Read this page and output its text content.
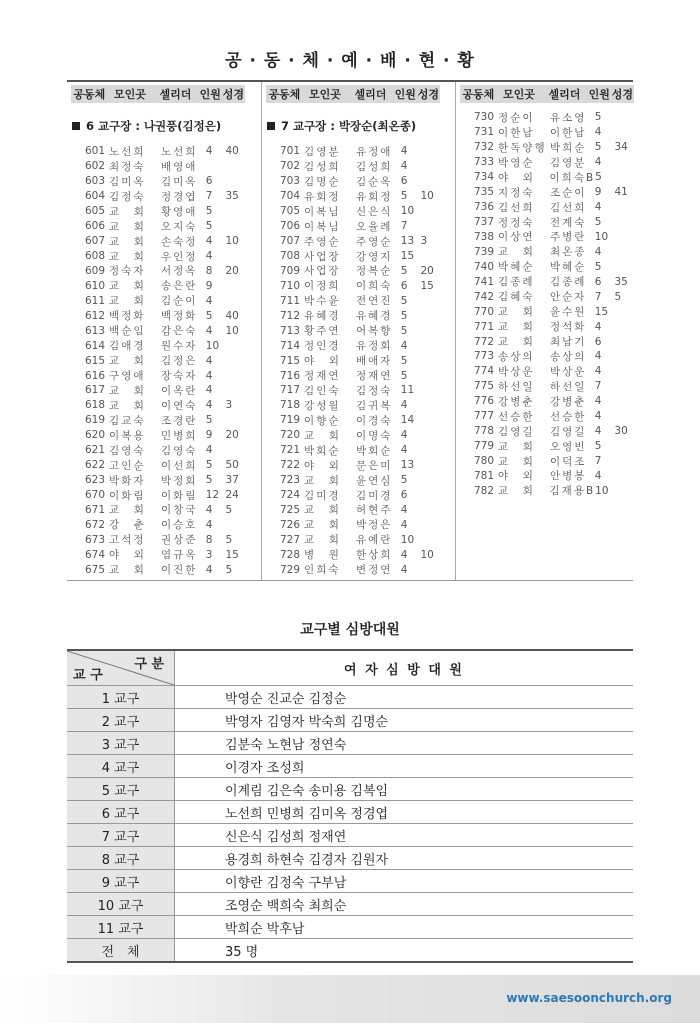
공 · 동 · 체 · 예 · 배 · 현 · 황
공동체 모인곳	셀리더 인원 성경
6 교구장 : 나권풍(김정은)
601 노선희	노선희 4	40
602 최정숙	배영애
603 김미옥	김미옥 6
604 김정숙	정경엽 7	35
605 교　회	황영애 5
606 교　회	오지숙 5
607 교　회	손숙정 4	10
608 교　회	우인정 4
609 정숙자	서정옥 8	20
610 교　회	송은란 9
611 교　회	김순이 4
612 백정화	백정화 5	40
613 백순임	감은숙 4	10
614 김애경	원수자 10
615 교　회	김정은 4
616 구영애	장숙자 4
617 교　회	이옥란 4
618 교　회	이연숙 4	3
619 김교숙	조경란 5
620 이복용	민병희 9	20
621 김영숙	김영숙 4
622 고인순	이선희 5	50
623 박화자	박정회 5	37
670 이화림	이화림 12 24
671 교　회	이창국 4	5
672 강　춘	이승호 4
673 고석정	권상준 8	5
674 야　외	염규옥 3	15
675 교　회	이진한 4	5
공동체 모인곳	셀리더 인원 성경
7 교구장 : 박장순(최온종)
701 김영분	유정애 4
702 김성희	김성희 4
703 김명순	김순옥 6
704 유회정	유회정 5	10
705 이복님	신은식 10
706 이복님	오율례 7
707 주영순	주영순 13 3
708 사업장	강영지 15
709 사업장	정복순 5	20
710 이정희	이희숙 6	15
711 박수윤	전연진 5
712 유혜경	유혜경 5
713 황주연	어복향 5
714 정인경	유정회 4
715 야　외	배애자 5
716 정재연	정재연 5
717 김인숙	김정숙 11
718 강성월	김귀복 4
719 이향순	이경숙 14
720 교　회	이명숙 4
721 박회순	박회순 4
722 야　외	문은미 13
723 교　회	윤연심 5
724 김미경	김미경 6
725 교　회	허현주 4
726 교　회	박정은 4
727 교　회	유예란 10
728 병　원	한상희 4	10
729 인희숙	변정연 4
공동체 모인곳	셀리더 인원 성경
730 정순이	유소영 5
731 이한남	이한남 4
732 한독양행 박희순 5	34
733 박영순	김영분 4
734 야　외	이희숙B 5
735 지정숙	조순이 9	41
736 김선희	김선희 4
737 정정숙	전계숙 5
738 이상연	주병란 10
739 교　회	최온종 4
740 박혜순	박혜순 5
741 김종례	김종례 6	35
742 김혜숙	안순자 7	5
770 교　회	윤수원 15
771 교　회	정석화 4
772 교　회	최남기 6
773 송상의	송상의 4
774 박상운	박상운 4
775 하선일	하선일 7
776 강병춘	강병춘 4
777 선승한	선승한 4
778 김영길	김영길 4	30
779 교　회	오영빈 5
780 교　회	이덕조 7
781 야　외	안병봉 4
782 교　회	김재용B 10
교구별 심방대원
구 분
교 구	여 자 심 방 대 원
1 교구	박영순 진교순 김정순
2 교구	박영자 김영자 박숙희 김명순
3 교구	김분숙 노현남 정연숙
4 교구	이경자 조성희
5 교구	이계림 김은숙 송미용 김복임
6 교구	노선희 민병희 김미옥 정경엽
7 교구	신은식 김성희 정재연
8 교구	용경희 하현숙 김경자 김원자
9 교구	이향란 김정숙 구부남
10 교구	조영순 백희숙 최희순
11 교구	박희순 박후남
전　체	35 명
www.saesoonchurch.org
